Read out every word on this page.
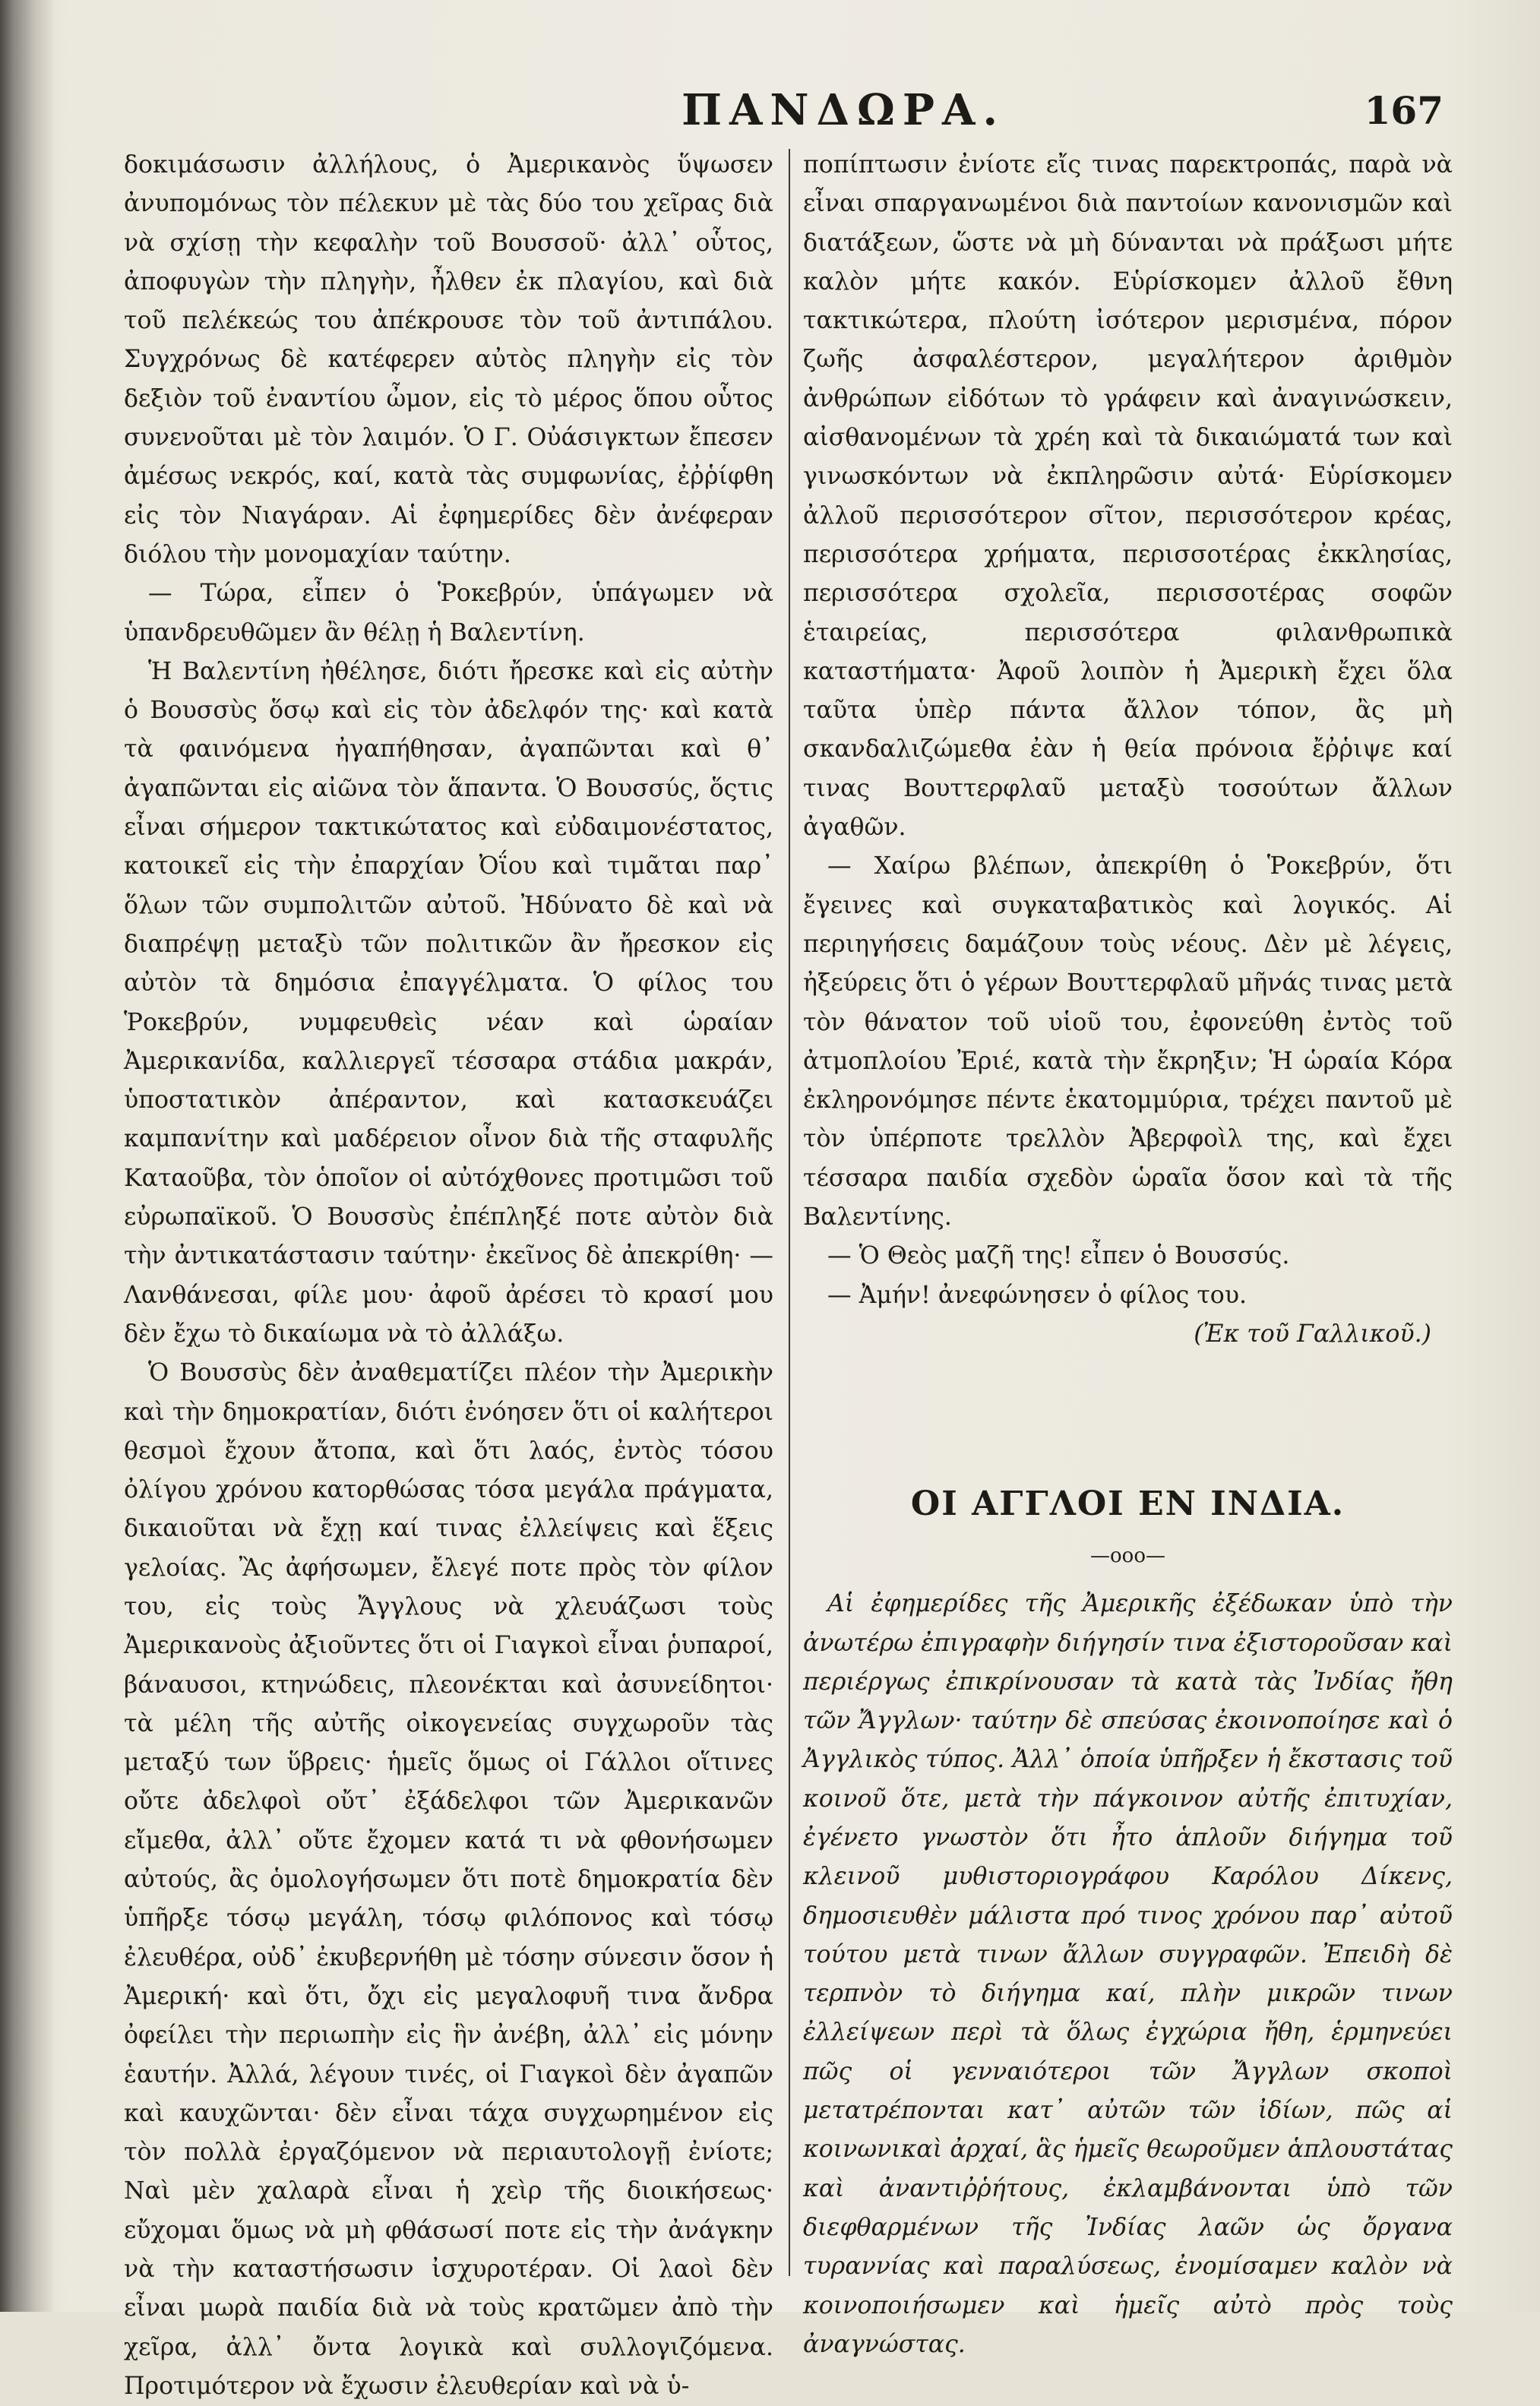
ΠΑΝΔΩΡΑ.	167

δοκιμάσωσιν ἀλλήλους, ὁ Ἀμερικανὸς ὕψωσεν ἀνυπομόνως τὸν πέλεκυν μὲ τὰς δύο του χεῖρας διὰ νὰ σχίσῃ τὴν κεφαλὴν τοῦ Βουσσοῦ· ἀλλ᾽ οὗτος, ἀποφυγὼν τὴν πληγὴν, ἦλθεν ἐκ πλαγίου, καὶ διὰ τοῦ πελέκεώς του ἀπέκρουσε τὸν τοῦ ἀντιπάλου. Συγχρόνως δὲ κατέφερεν αὐτὸς πληγὴν εἰς τὸν δεξιὸν τοῦ ἐναντίου ὦμον, εἰς τὸ μέρος ὅπου οὗτος συνενοῦται μὲ τὸν λαιμόν. Ὁ Γ. Οὐάσιγκτων ἔπεσεν ἀμέσως νεκρός, καί, κατὰ τὰς συμφωνίας, ἐῤῥίφθη εἰς τὸν Νιαγάραν. Αἱ ἐφημερίδες δὲν ἀνέφεραν διόλου τὴν μονομαχίαν ταύτην.

— Τώρα, εἶπεν ὁ Ῥοκεβρύν, ὑπάγωμεν νὰ ὑπανδρευθῶμεν ἂν θέλῃ ἡ Βαλεντίνη.

Ἡ Βαλεντίνη ἠθέλησε, διότι ἤρεσκε καὶ εἰς αὐτὴν ὁ Βουσσὺς ὅσῳ καὶ εἰς τὸν ἀδελφόν της· καὶ κατὰ τὰ φαινόμενα ἠγαπήθησαν, ἀγαπῶνται καὶ θ᾽ ἀγαπῶνται εἰς αἰῶνα τὸν ἅπαντα. Ὁ Βουσσύς, ὅςτις εἶναι σήμερον τακτικώτατος καὶ εὐδαιμονέστατος, κατοικεῖ εἰς τὴν ἐπαρχίαν Ὀΐου καὶ τιμᾶται παρ᾽ ὅλων τῶν συμπολιτῶν αὐτοῦ. Ἠδύνατο δὲ καὶ νὰ διαπρέψῃ μεταξὺ τῶν πολιτικῶν ἂν ἤρεσκον εἰς αὐτὸν τὰ δημόσια ἐπαγγέλματα. Ὁ φίλος του Ῥοκεβρύν, νυμφευθεὶς νέαν καὶ ὡραίαν Ἀμερικανίδα, καλλιεργεῖ τέσσαρα στάδια μακράν, ὑποστατικὸν ἀπέραντον, καὶ κατασκευάζει καμπανίτην καὶ μαδέρειον οἶνον διὰ τῆς σταφυλῆς Καταοῦβα, τὸν ὁποῖον οἱ αὐτόχθονες προτιμῶσι τοῦ εὐρωπαϊκοῦ. Ὁ Βουσσὺς ἐπέπληξέ ποτε αὐτὸν διὰ τὴν ἀντικατάστασιν ταύτην· ἐκεῖνος δὲ ἀπεκρίθη· — Λανθάνεσαι, φίλε μου· ἀφοῦ ἀρέσει τὸ κρασί μου δὲν ἔχω τὸ δικαίωμα νὰ τὸ ἀλλάξω.

Ὁ Βουσσὺς δὲν ἀναθεματίζει πλέον τὴν Ἀμερικὴν καὶ τὴν δημοκρατίαν, διότι ἐνόησεν ὅτι οἱ καλήτεροι θεσμοὶ ἔχουν ἄτοπα, καὶ ὅτι λαός, ἐντὸς τόσου ὀλίγου χρόνου κατορθώσας τόσα μεγάλα πράγματα, δικαιοῦται νὰ ἔχῃ καί τινας ἐλλείψεις καὶ ἕξεις γελοίας. Ἂς ἀφήσωμεν, ἔλεγέ ποτε πρὸς τὸν φίλον του, εἰς τοὺς Ἄγγλους νὰ χλευάζωσι τοὺς Ἀμερικανοὺς ἀξιοῦντες ὅτι οἱ Γιαγκοὶ εἶναι ῥυπαροί, βάναυσοι, κτηνώδεις, πλεονέκται καὶ ἀσυνείδητοι· τὰ μέλη τῆς αὐτῆς οἰκογενείας συγχωροῦν τὰς μεταξύ των ὕβρεις· ἡμεῖς ὅμως οἱ Γάλλοι οἵτινες οὔτε ἀδελφοὶ οὔτ᾽ ἐξάδελφοι τῶν Ἀμερικανῶν εἴμεθα, ἀλλ᾽ οὔτε ἔχομεν κατά τι νὰ φθονήσωμεν αὐτούς, ἂς ὁμολογήσωμεν ὅτι ποτὲ δημοκρατία δὲν ὑπῆρξε τόσῳ μεγάλη, τόσῳ φιλόπονος καὶ τόσῳ ἐλευθέρα, οὐδ᾽ ἐκυβερνήθη μὲ τόσην σύνεσιν ὅσον ἡ Ἀμερική· καὶ ὅτι, ὄχι εἰς μεγαλοφυῆ τινα ἄνδρα ὀφείλει τὴν περιωπὴν εἰς ἣν ἀνέβη, ἀλλ᾽ εἰς μόνην ἑαυτήν. Ἀλλά, λέγουν τινές, οἱ Γιαγκοὶ δὲν ἀγαπῶν καὶ καυχῶνται· δὲν εἶναι τάχα συγχωρημένον εἰς τὸν πολλὰ ἐργαζόμενον νὰ περιαυτολογῇ ἐνίοτε; Ναὶ μὲν χαλαρὰ εἶναι ἡ χεὶρ τῆς διοικήσεως· εὔχομαι ὅμως νὰ μὴ φθάσωσί ποτε εἰς τὴν ἀνάγκην νὰ τὴν καταστήσωσιν ἰσχυροτέραν. Οἱ λαοὶ δὲν εἶναι μωρὰ παιδία διὰ νὰ τοὺς κρατῶμεν ἀπὸ τὴν χεῖρα, ἀλλ᾽ ὄντα λογικὰ καὶ συλλογιζόμενα. Προτιμότερον νὰ ἔχωσιν ἐλευθερίαν καὶ νὰ ὑ-

ποπίπτωσιν ἐνίοτε εἴς τινας παρεκτροπάς, παρὰ νὰ εἶναι σπαργανωμένοι διὰ παντοίων κανονισμῶν καὶ διατάξεων, ὥστε νὰ μὴ δύνανται νὰ πράξωσι μήτε καλὸν μήτε κακόν. Εὑρίσκομεν ἀλλοῦ ἔθνη τακτικώτερα, πλούτη ἰσότερον μερισμένα, πόρον ζωῆς ἀσφαλέστερον, μεγαλήτερον ἀριθμὸν ἀνθρώπων εἰδότων τὸ γράφειν καὶ ἀναγινώσκειν, αἰσθανομένων τὰ χρέη καὶ τὰ δικαιώματά των καὶ γινωσκόντων νὰ ἐκπληρῶσιν αὐτά· Εὑρίσκομεν ἀλλοῦ περισσότερον σῖτον, περισσότερον κρέας, περισσότερα χρήματα, περισσοτέρας ἐκκλησίας, περισσότερα σχολεῖα, περισσοτέρας σοφῶν ἑταιρείας, περισσότερα φιλανθρωπικὰ καταστήματα· Ἀφοῦ λοιπὸν ἡ Ἀμερικὴ ἔχει ὅλα ταῦτα ὑπὲρ πάντα ἄλλον τόπον, ἂς μὴ σκανδαλιζώμεθα ἐὰν ἡ θεία πρόνοια ἔῤῥιψε καί τινας Βουττερφλαῦ μεταξὺ τοσούτων ἄλλων ἀγαθῶν.

— Χαίρω βλέπων, ἀπεκρίθη ὁ Ῥοκεβρύν, ὅτι ἔγεινες καὶ συγκαταβατικὸς καὶ λογικός. Αἱ περιηγήσεις δαμάζουν τοὺς νέους. Δὲν μὲ λέγεις, ἠξεύρεις ὅτι ὁ γέρων Βουττερφλαῦ μῆνάς τινας μετὰ τὸν θάνατον τοῦ υἱοῦ του, ἐφονεύθη ἐντὸς τοῦ ἀτμοπλοίου Ἐριέ, κατὰ τὴν ἔκρηξιν; Ἡ ὡραία Κόρα ἐκληρονόμησε πέντε ἑκατομμύρια, τρέχει παντοῦ μὲ τὸν ὑπέρποτε τρελλὸν Ἀβερφοὶλ της, καὶ ἔχει τέσσαρα παιδία σχεδὸν ὡραῖα ὅσον καὶ τὰ τῆς Βαλεντίνης.

— Ὁ Θεὸς μαζῆ της! εἶπεν ὁ Βουσσύς.

— Ἀμήν! ἀνεφώνησεν ὁ φίλος του.

(Ἐκ τοῦ Γαλλικοῦ.)

ΟΙ ΑΓΓΛΟΙ ΕΝ ΙΝΔΙΑ.
—ooo—

Αἱ ἐφημερίδες τῆς Ἀμερικῆς ἐξέδωκαν ὑπὸ τὴν ἀνωτέρω ἐπιγραφὴν διήγησίν τινα ἐξιστοροῦσαν καὶ περιέργως ἐπικρίνουσαν τὰ κατὰ τὰς Ἰνδίας ἤθη τῶν Ἄγγλων· ταύτην δὲ σπεύσας ἐκοινοποίησε καὶ ὁ Ἀγγλικὸς τύπος. Ἀλλ᾽ ὁποία ὑπῆρξεν ἡ ἔκστασις τοῦ κοινοῦ ὅτε, μετὰ τὴν πάγκοινον αὐτῆς ἐπιτυχίαν, ἐγένετο γνωστὸν ὅτι ἦτο ἁπλοῦν διήγημα τοῦ κλεινοῦ μυθιστοριογράφου Καρόλου Δίκενς, δημοσιευθὲν μάλιστα πρό τινος χρόνου παρ᾽ αὐτοῦ τούτου μετὰ τινων ἄλλων συγγραφῶν. Ἐπειδὴ δὲ τερπνὸν τὸ διήγημα καί, πλὴν μικρῶν τινων ἐλλείψεων περὶ τὰ ὅλως ἐγχώρια ἤθη, ἑρμηνεύει πῶς οἱ γενναιότεροι τῶν Ἄγγλων σκοποὶ μετατρέπονται κατ᾽ αὐτῶν τῶν ἰδίων, πῶς αἱ κοινωνικαὶ ἀρχαί, ἃς ἡμεῖς θεωροῦμεν ἁπλουστάτας καὶ ἀναντιῤῥήτους, ἐκλαμβάνονται ὑπὸ τῶν διεφθαρμένων τῆς Ἰνδίας λαῶν ὡς ὄργανα τυραννίας καὶ παραλύσεως, ἐνομίσαμεν καλὸν νὰ κοινοποιήσωμεν καὶ ἡμεῖς αὐτὸ πρὸς τοὺς ἀναγνώστας.
